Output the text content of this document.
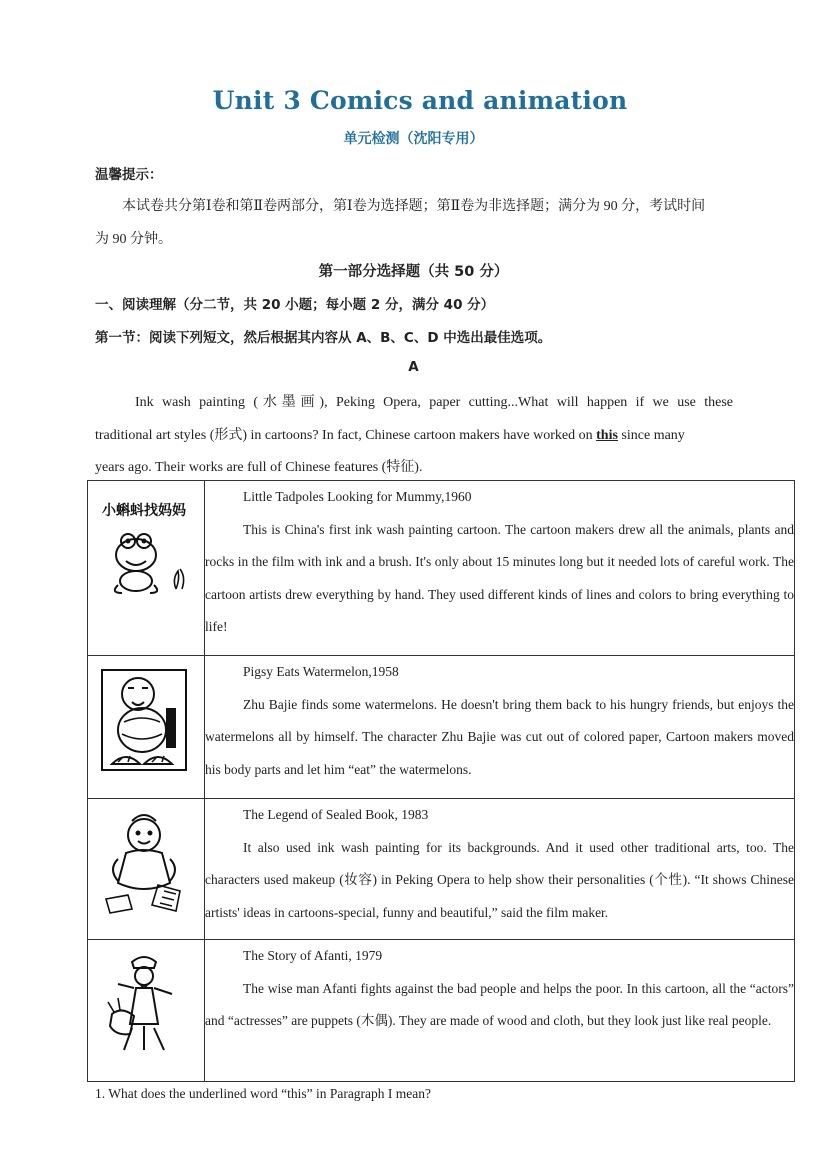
Unit 3 Comics and animation
单元检测（沈阳专用）
温馨提示：
本试卷共分第Ⅰ卷和第Ⅱ卷两部分，第Ⅰ卷为选择题；第Ⅱ卷为非选择题；满分为 90 分，考试时间
为 90 分钟。
第一部分选择题（共 50 分）
一、阅读理解（分二节，共 20 小题；每小题 2 分，满分 40 分）
第一节：阅读下列短文，然后根据其内容从 A、B、C、D 中选出最佳选项。
A
Ink wash painting (水墨画), Peking Opera, paper cutting...What will happen if we use these
traditional art styles (形式) in cartoons? In fact, Chinese cartoon makers have worked on this since many
years ago. Their works are full of Chinese features (特征).
小蝌蚪找妈妈	Little Tadpoles Looking for Mummy,1960
This is China's first ink wash painting cartoon. The cartoon makers drew all the animals, plants and rocks in the film with ink and a brush. It's only about 15 minutes long but it needed lots of careful work. The cartoon artists drew everything by hand. They used different kinds of lines and colors to bring everything to life!

Pigsy Eats Watermelon,1958
Zhu Bajie finds some watermelons. He doesn't bring them back to his hungry friends, but enjoys the watermelons all by himself. The character Zhu Bajie was cut out of colored paper, Cartoon makers moved his body parts and let him “eat” the watermelons.

The Legend of Sealed Book, 1983
It also used ink wash painting for its backgrounds. And it used other traditional arts, too. The characters used makeup (妆容) in Peking Opera to help show their personalities (个性). “It shows Chinese artists' ideas in cartoons-special, funny and beautiful,” said the film maker.

The Story of Afanti, 1979
The wise man Afanti fights against the bad people and helps the poor. In this cartoon, all the “actors” and “actresses” are puppets (木偶). They are made of wood and cloth, but they look just like real people.
1. What does the underlined word “this” in Paragraph I mean?
